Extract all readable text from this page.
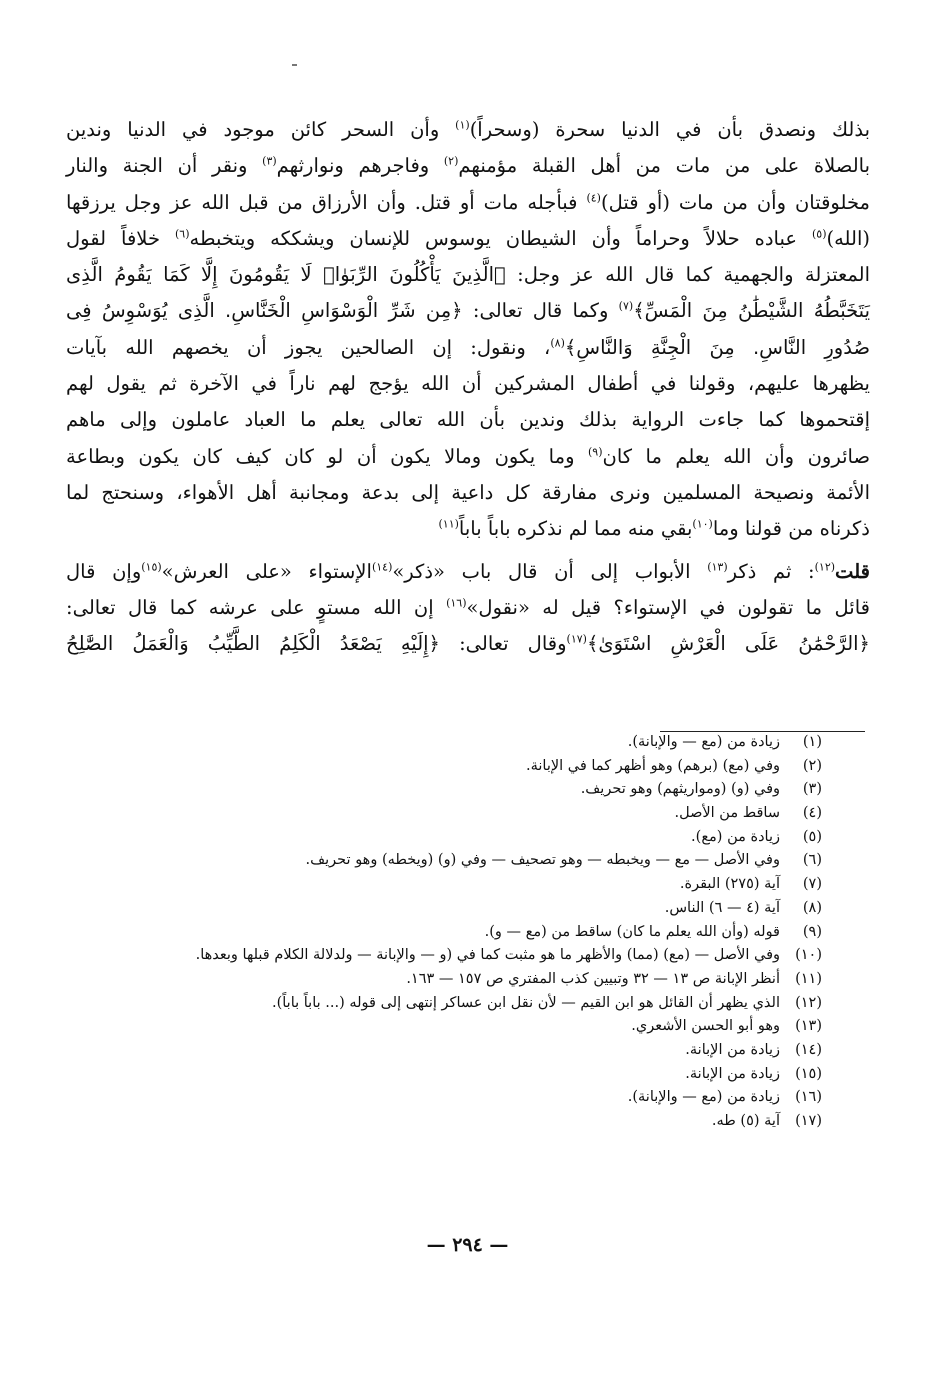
بذلك ونصدق بأن في الدنيا سحرة (وسحراً)$^{(١)}$ وأن السحر كائن موجود في الدنيا وندين

بالصلاة على من مات من أهل القبلة مؤمنهم$^{(٢)}$ وفاجرهم ونوارثهم$^{(٣)}$ ونقر أن الجنة والنار

مخلوقتان وأن من مات (أو قتل)$^{(٤)}$ فبأجله مات أو قتل. وأن الأرزاق من قبل الله عز وجل يرزقها

(الله)$^{(٥)}$ عباده حلالاً وحراماً وأن الشيطان يوسوس للإنسان ويشككه ويتخبطه$^{(٦)}$ خلافاً لقول

المعتزلة والجهمية كما قال الله عز وجل: ﴿الَّذِينَ يَأْكُلُونَ الرِّبَوٰا۟ لَا يَقُومُونَ إِلَّا كَمَا يَقُومُ الَّذِى

يَتَخَبَّطُهُ الشَّيْطَٰنُ مِنَ الْمَسِّ﴾$^{(٧)}$ وكما قال تعالى: ﴿مِن شَرِّ الْوَسْوَاسِ الْخَنَّاسِ. الَّذِى يُوَسْوِسُ فِى

صُدُورِ النَّاسِ. مِنَ الْجِنَّةِ وَالنَّاسِ﴾$^{(٨)}$، ونقول: إن الصالحين يجوز أن يخصهم الله بآيات

يظهرها عليهم، وقولنا في أطفال المشركين أن الله يؤجج لهم ناراً في الآخرة ثم يقول لهم

إقتحموها كما جاءت الرواية بذلك وندين بأن الله تعالى يعلم ما العباد عاملون وإلى ماهم

صائرون وأن الله يعلم ما كان$^{(٩)}$ وما يكون ومالا يكون أن لو كان كيف كان يكون وبطاعة

الأئمة ونصيحة المسلمين ونرى مفارقة كل داعية إلى بدعة ومجانبة أهل الأهواء، وسنحتج لما

ذكرناه من قولنا وما$^{(١٠)}$بقي منه مما لم نذكره باباً باباً$^{(١١)}$

قلت$^{(١٢)}$: ثم ذكر$^{(١٣)}$ الأبواب إلى أن قال باب «ذكر»$^{(١٤)}$الإستواء «على العرش»$^{(١٥)}$وإن قال

قائل ما تقولون في الإستواء؟ قيل له «نقول»$^{(١٦)}$ إن الله مستوٍ على عرشه كما قال تعالى:

﴿الرَّحْمَٰنُ عَلَى الْعَرْشِ اسْتَوَىٰ﴾$^{(١٧)}$وقال تعالى: ﴿إِلَيْهِ يَصْعَدُ الْكَلِمُ الطَّيِّبُ وَالْعَمَلُ الصَّٰلِحُ

(١)
زيادة من (مع — والإبانة).
(٢)
وفي (مع) (برهم) وهو أظهر كما في الإبانة.
(٣)
وفي (و) (ومواريثهم) وهو تحريف.
(٤)
ساقط من الأصل.
(٥)
زيادة من (مع).
(٦)
وفي الأصل — مع — ويخبطه — وهو تصحيف — وفي (و) (ويخطه) وهو تحريف.
(٧)
آية (٢٧٥) البقرة.
(٨)
آية (٤ — ٦) الناس.
(٩)
قوله (وأن الله يعلم ما كان) ساقط من (مع — و).
(١٠)
وفي الأصل — (مع) (مما) والأظهر ما هو مثبت كما في (و — والإبانة — ولدلالة الكلام قبلها وبعدها.
(١١)
أنظر الإبانة ص ١٣ — ٣٢ وتبيين كذب المفتري ص ١٥٧ — ١٦٣.
(١٢)
الذي يظهر أن القائل هو ابن القيم — لأن نقل ابن عساكر إنتهى إلى قوله (... باباً باباً).
(١٣)
وهو أبو الحسن الأشعري.
(١٤)
زيادة من الإبانة.
(١٥)
زيادة من الإبانة.
(١٦)
زيادة من (مع — والإبانة).
(١٧)
آية (٥) طه.
— ٢٩٤ —
